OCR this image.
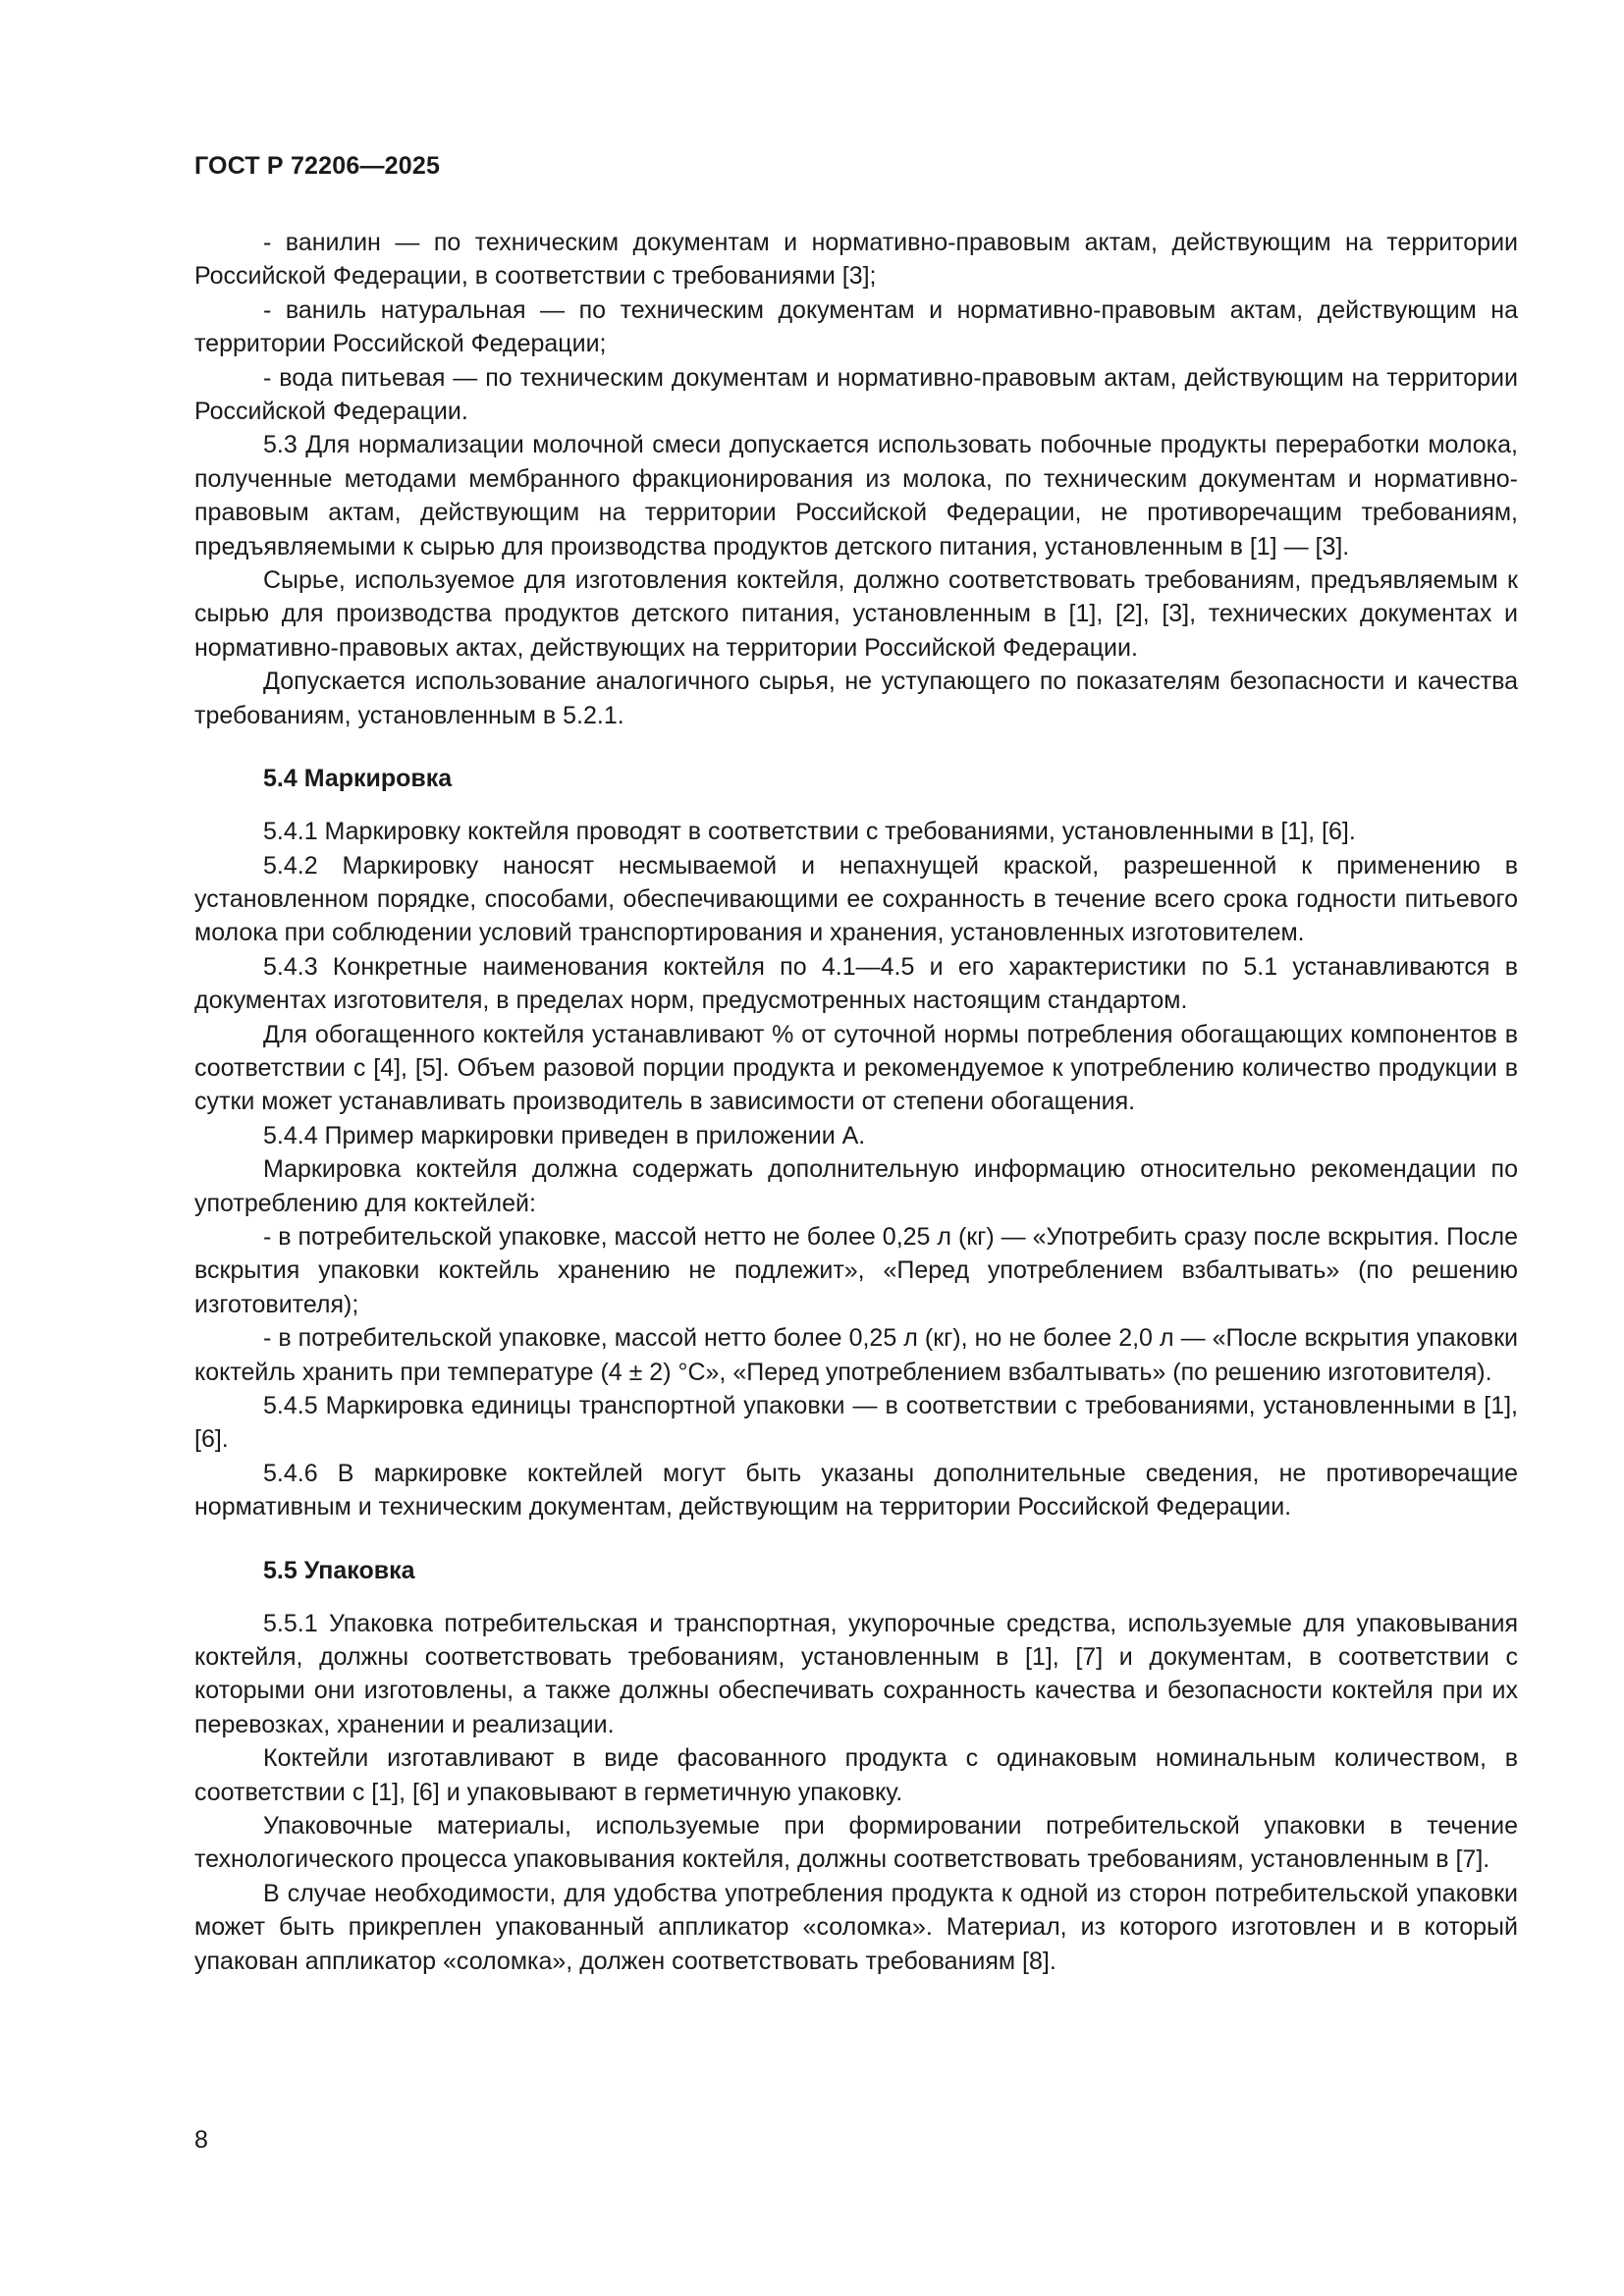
ГОСТ Р 72206—2025

- ванилин — по техническим документам и нормативно-правовым актам, действующим на территории Российской Федерации, в соответствии с требованиями [3];

- ваниль натуральная — по техническим документам и нормативно-правовым актам, действующим на территории Российской Федерации;

- вода питьевая — по техническим документам и нормативно-правовым актам, действующим на территории Российской Федерации.

5.3 Для нормализации молочной смеси допускается использовать побочные продукты переработки молока, полученные методами мембранного фракционирования из молока, по техническим документам и нормативно-правовым актам, действующим на территории Российской Федерации, не противоречащим требованиям, предъявляемыми к сырью для производства продуктов детского питания, установленным в [1] — [3].

Сырье, используемое для изготовления коктейля, должно соответствовать требованиям, предъявляемым к сырью для производства продуктов детского питания, установленным в [1], [2], [3], технических документах и нормативно-правовых актах, действующих на территории Российской Федерации.

Допускается использование аналогичного сырья, не уступающего по показателям безопасности и качества требованиям, установленным в 5.2.1.

5.4 Маркировка

5.4.1 Маркировку коктейля проводят в соответствии с требованиями, установленными в [1], [6].

5.4.2 Маркировку наносят несмываемой и непахнущей краской, разрешенной к применению в установленном порядке, способами, обеспечивающими ее сохранность в течение всего срока годности питьевого молока при соблюдении условий транспортирования и хранения, установленных изготовителем.

5.4.3 Конкретные наименования коктейля по 4.1—4.5 и его характеристики по 5.1 устанавливаются в документах изготовителя, в пределах норм, предусмотренных настоящим стандартом.

Для обогащенного коктейля устанавливают % от суточной нормы потребления обогащающих компонентов в соответствии с [4], [5]. Объем разовой порции продукта и рекомендуемое к употреблению количество продукции в сутки может устанавливать производитель в зависимости от степени обогащения.

5.4.4 Пример маркировки приведен в приложении А.

Маркировка коктейля должна содержать дополнительную информацию относительно рекомендации по употреблению для коктейлей:

- в потребительской упаковке, массой нетто не более 0,25 л (кг) — «Употребить сразу после вскрытия. После вскрытия упаковки коктейль хранению не подлежит», «Перед употреблением взбалтывать» (по решению изготовителя);

- в потребительской упаковке, массой нетто более 0,25 л (кг), но не более 2,0 л — «После вскрытия упаковки коктейль хранить при температуре (4 ± 2) °С», «Перед употреблением взбалтывать» (по решению изготовителя).

5.4.5 Маркировка единицы транспортной упаковки — в соответствии с требованиями, установленными в [1], [6].

5.4.6 В маркировке коктейлей могут быть указаны дополнительные сведения, не противоречащие нормативным и техническим документам, действующим на территории Российской Федерации.

5.5 Упаковка

5.5.1 Упаковка потребительская и транспортная, укупорочные средства, используемые для упаковывания коктейля, должны соответствовать требованиям, установленным в [1], [7] и документам, в соответствии с которыми они изготовлены, а также должны обеспечивать сохранность качества и безопасности коктейля при их перевозках, хранении и реализации.

Коктейли изготавливают в виде фасованного продукта с одинаковым номинальным количеством, в соответствии с [1], [6] и упаковывают в герметичную упаковку.

Упаковочные материалы, используемые при формировании потребительской упаковки в течение технологического процесса упаковывания коктейля, должны соответствовать требованиям, установленным в [7].

В случае необходимости, для удобства употребления продукта к одной из сторон потребительской упаковки может быть прикреплен упакованный аппликатор «соломка». Материал, из которого изготовлен и в который упакован аппликатор «соломка», должен соответствовать требованиям [8].

8
